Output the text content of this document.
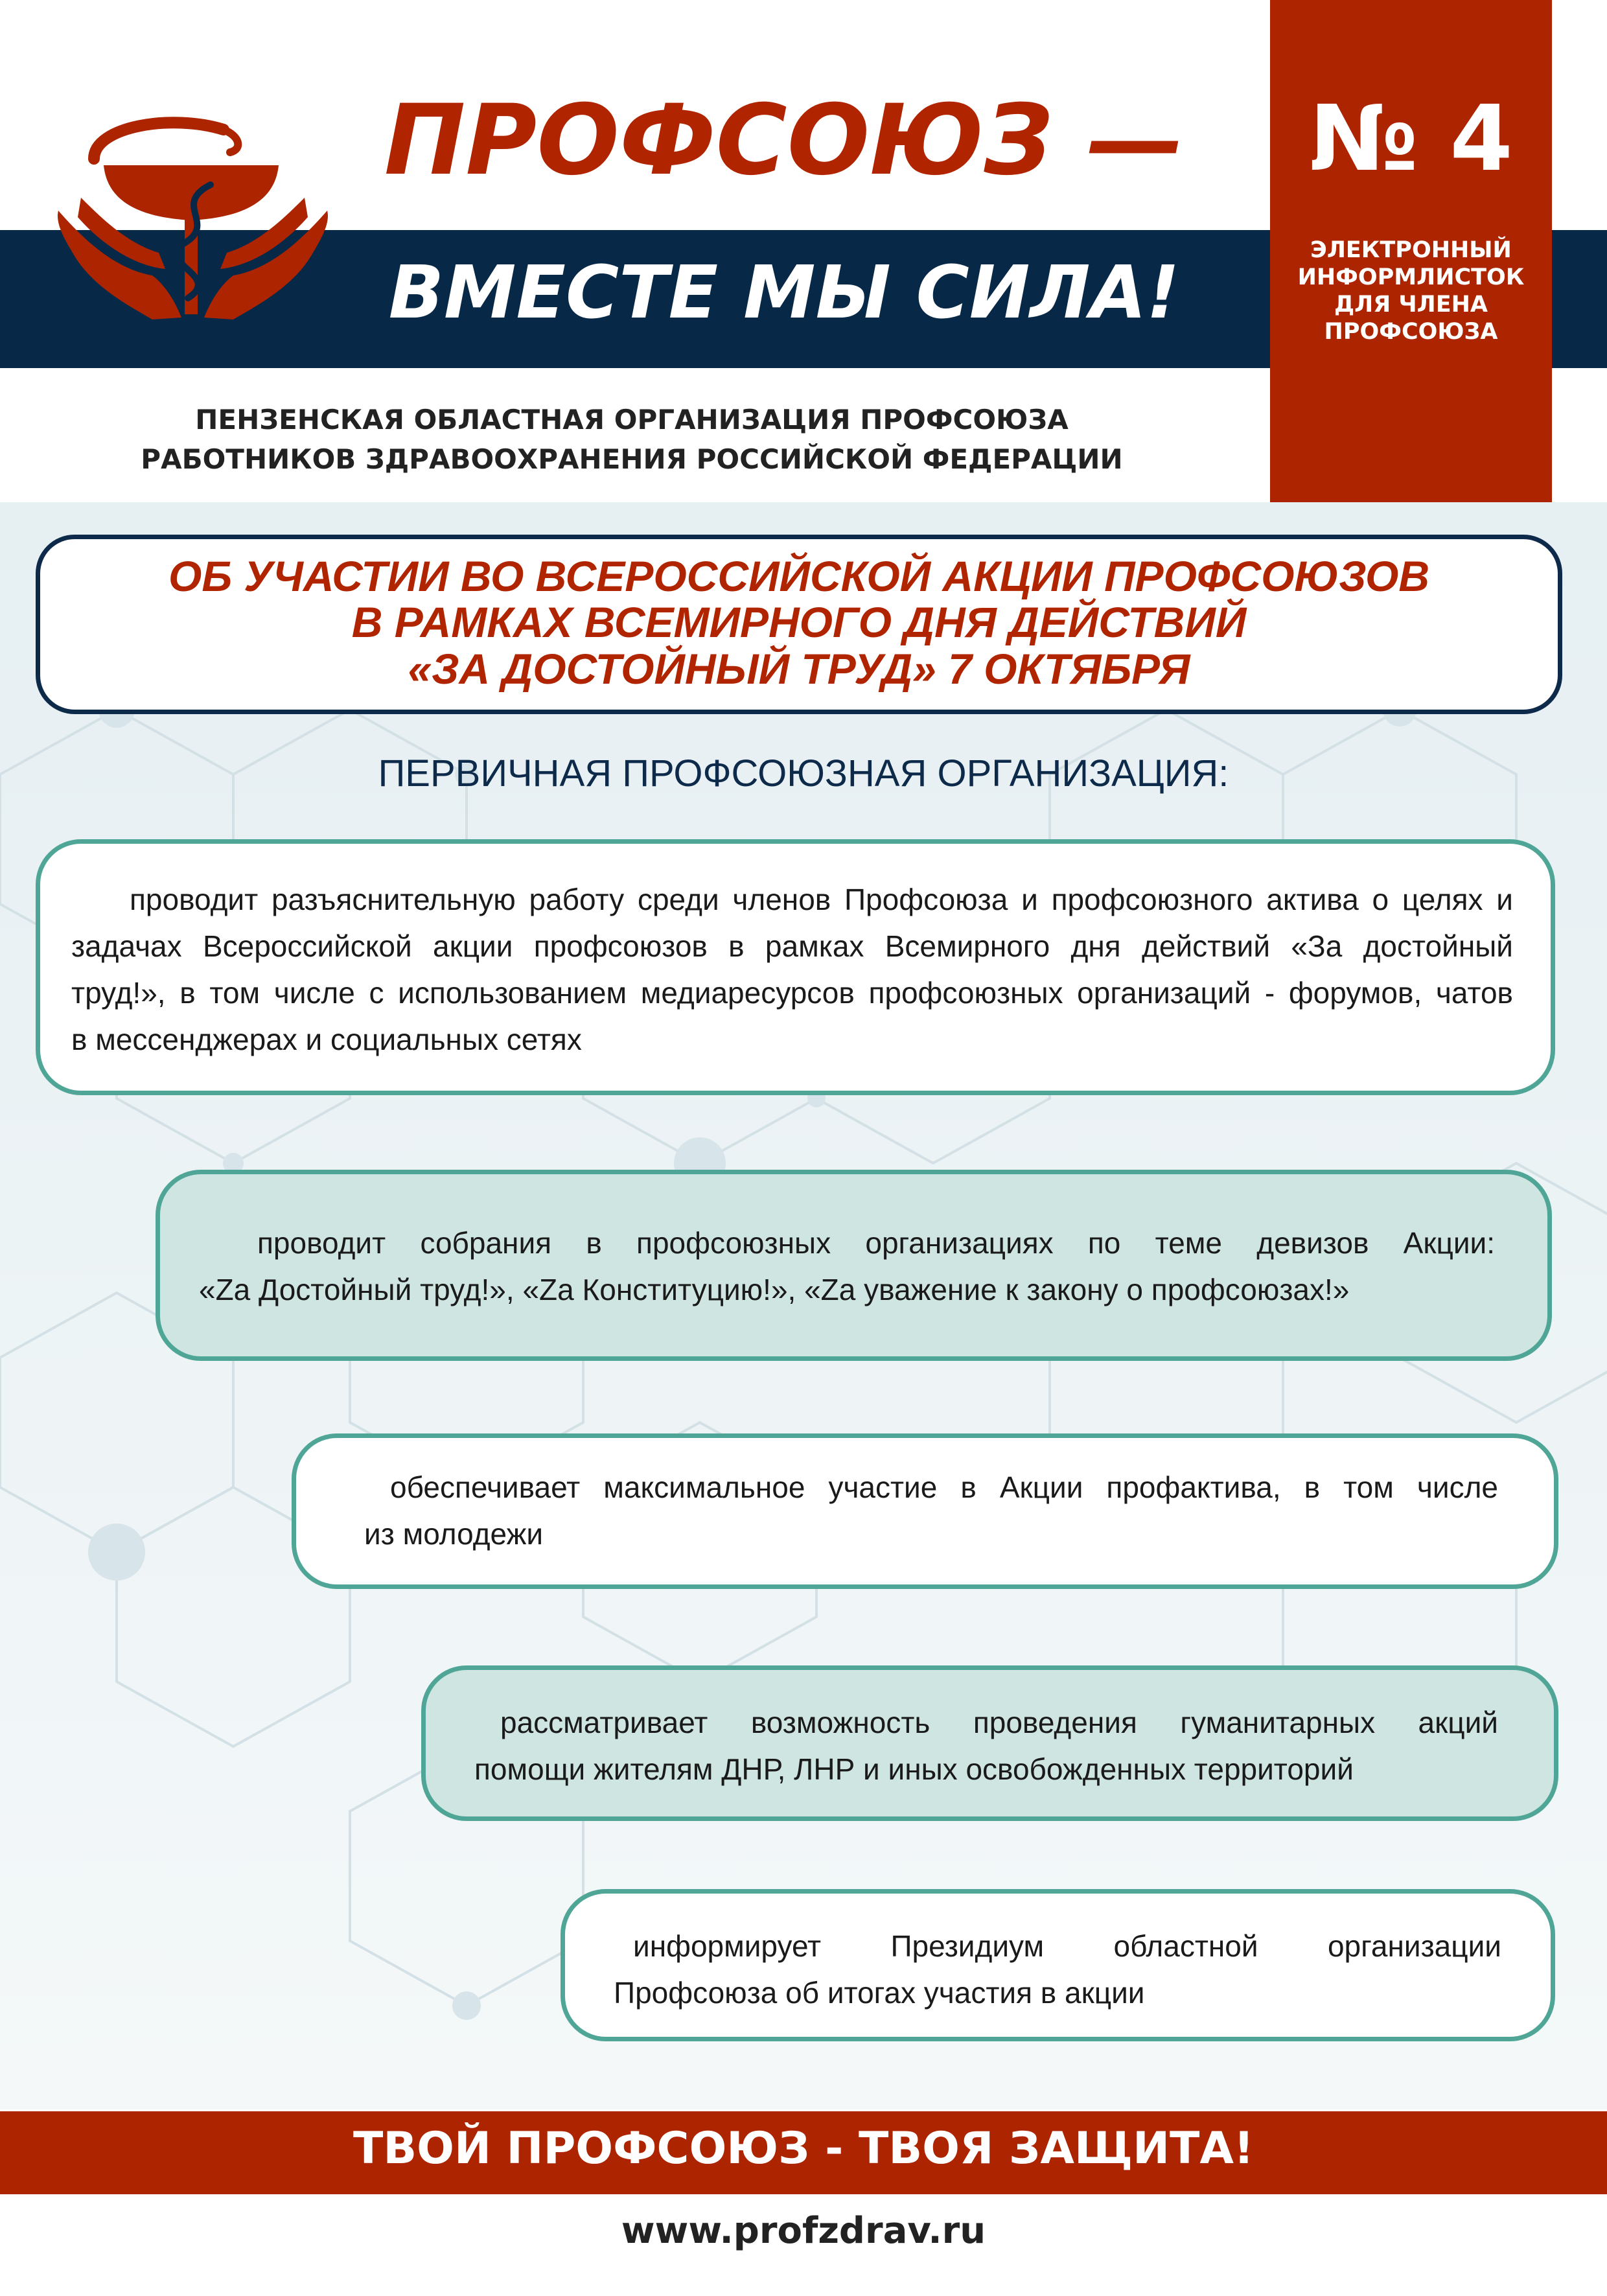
ПРОФСОЮЗ —
ВМЕСТЕ МЫ СИЛА!
ПЕНЗЕНСКАЯ ОБЛАСТНАЯ ОРГАНИЗАЦИЯ ПРОФСОЮЗА
РАБОТНИКОВ ЗДРАВООХРАНЕНИЯ РОССИЙСКОЙ ФЕДЕРАЦИИ
№ 4
ЭЛЕКТРОННЫЙ
ИНФОРМЛИСТОК
ДЛЯ ЧЛЕНА
ПРОФСОЮЗА
ОБ УЧАСТИИ ВО ВСЕРОССИЙСКОЙ АКЦИИ ПРОФСОЮЗОВ
В РАМКАХ ВСЕМИРНОГО ДНЯ ДЕЙСТВИЙ
«ЗА ДОСТОЙНЫЙ ТРУД» 7 ОКТЯБРЯ
ПЕРВИЧНАЯ ПРОФСОЮЗНАЯ ОРГАНИЗАЦИЯ:
проводит разъяснительную работу среди членов Профсоюза и профсоюзного актива о целях и
задачах Всероссийской акции профсоюзов в рамках Всемирного дня действий «За достойный
труд!», в том числе с использованием медиаресурсов профсоюзных организаций - форумов, чатов
в мессенджерах и социальных сетях
проводит собрания в профсоюзных организациях по теме девизов Акции:
«Zа Достойный труд!», «Zа Конституцию!», «Zа уважение к закону о профсоюзах!»
обеспечивает максимальное участие в Акции профактива, в том числе
из молодежи
рассматривает возможность проведения гуманитарных акций
помощи жителям ДНР, ЛНР и иных освобожденных территорий
информирует Президиум областной организации
Профсоюза об итогах участия в акции
ТВОЙ ПРОФСОЮЗ - ТВОЯ ЗАЩИТА!
www.profzdrav.ru
